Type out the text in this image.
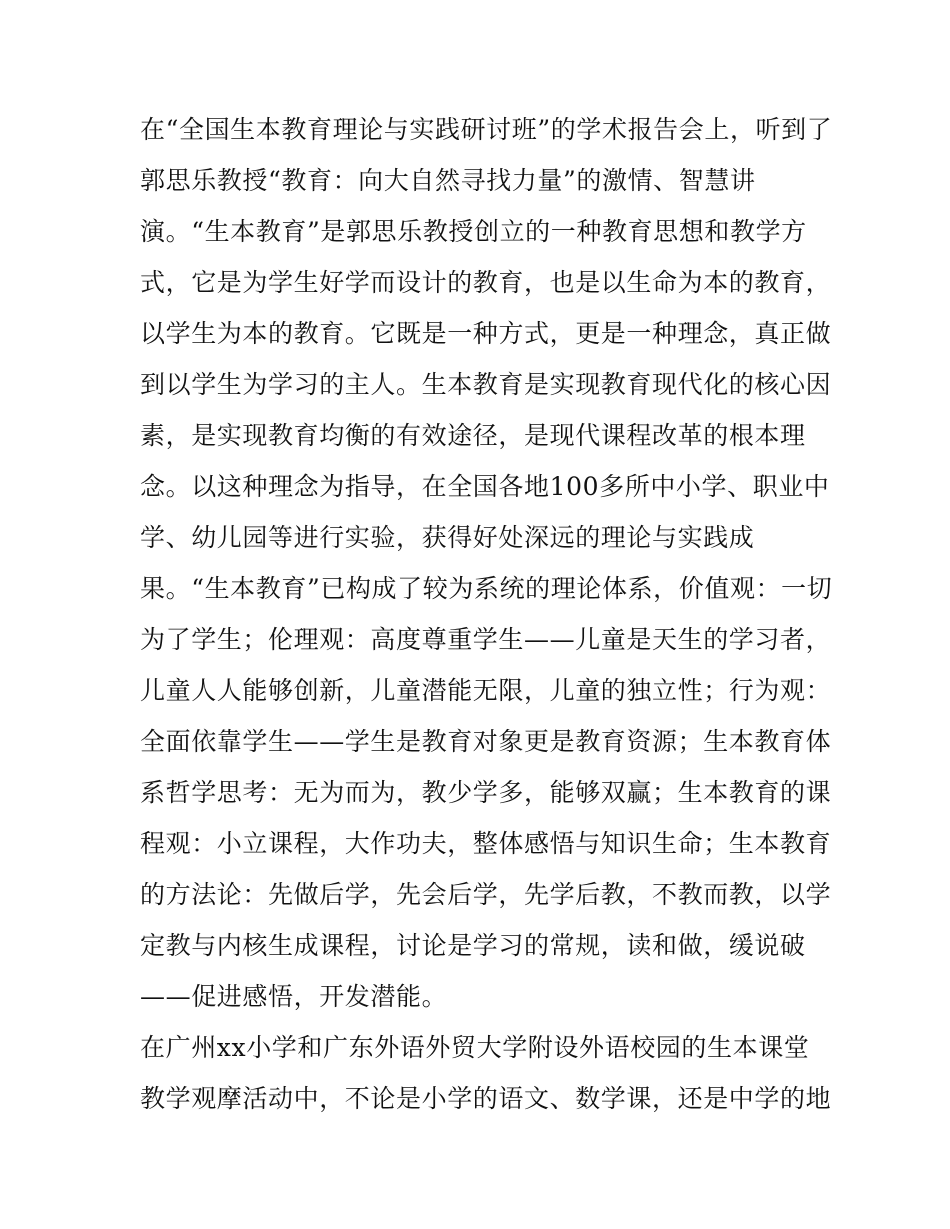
在“全国生本教育理论与实践研讨班”的学术报告会上，听到了
郭思乐教授“教育：向大自然寻找力量”的激情、智慧讲
演。“生本教育”是郭思乐教授创立的一种教育思想和教学方
式，它是为学生好学而设计的教育，也是以生命为本的教育，
以学生为本的教育。它既是一种方式，更是一种理念，真正做
到以学生为学习的主人。生本教育是实现教育现代化的核心因
素，是实现教育均衡的有效途径，是现代课程改革的根本理
念。以这种理念为指导，在全国各地100多所中小学、职业中
学、幼儿园等进行实验，获得好处深远的理论与实践成
果。“生本教育”已构成了较为系统的理论体系，价值观：一切
为了学生；伦理观：高度尊重学生——儿童是天生的学习者，
儿童人人能够创新，儿童潜能无限，儿童的独立性；行为观：
全面依靠学生——学生是教育对象更是教育资源；生本教育体
系哲学思考：无为而为，教少学多，能够双赢；生本教育的课
程观：小立课程，大作功夫，整体感悟与知识生命；生本教育
的方法论：先做后学，先会后学，先学后教，不教而教，以学
定教与内核生成课程，讨论是学习的常规，读和做，缓说破
——促进感悟，开发潜能。
在广州xx小学和广东外语外贸大学附设外语校园的生本课堂
教学观摩活动中，不论是小学的语文、数学课，还是中学的地
